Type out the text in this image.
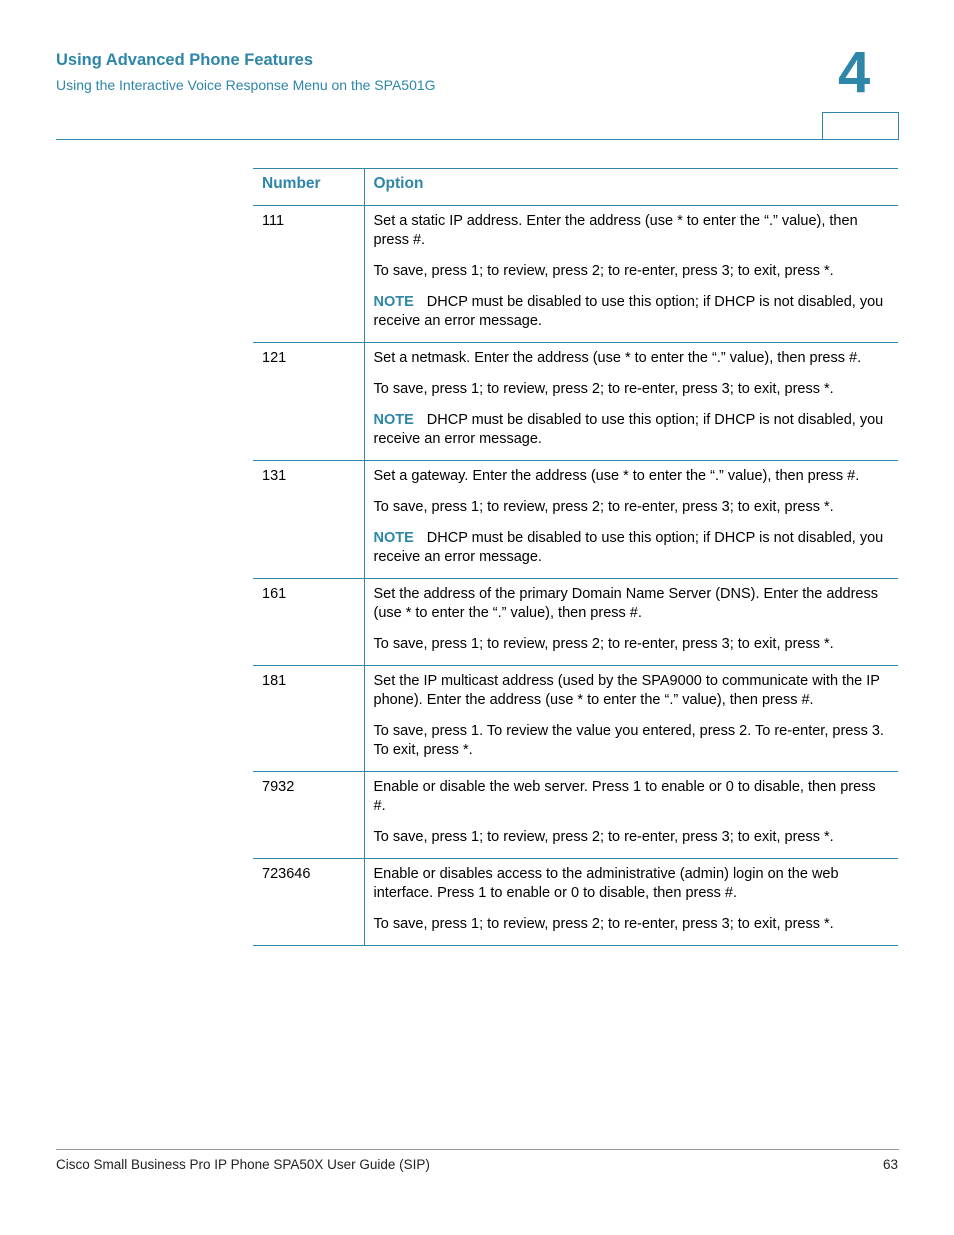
Using Advanced Phone Features
Using the Interactive Voice Response Menu on the SPA501G	4
Number	Option
111	Set a static IP address. Enter the address (use * to enter the “.” value), then press #.

To save, press 1; to review, press 2; to re-enter, press 3; to exit, press *.

NOTE DHCP must be disabled to use this option; if DHCP is not disabled, you receive an error message.

121	Set a netmask. Enter the address (use * to enter the “.” value), then press #.

To save, press 1; to review, press 2; to re-enter, press 3; to exit, press *.

NOTE DHCP must be disabled to use this option; if DHCP is not disabled, you receive an error message.

131	Set a gateway. Enter the address (use * to enter the “.” value), then press #.

To save, press 1; to review, press 2; to re-enter, press 3; to exit, press *.

NOTE DHCP must be disabled to use this option; if DHCP is not disabled, you receive an error message.

161	Set the address of the primary Domain Name Server (DNS). Enter the address (use * to enter the “.” value), then press #.

To save, press 1; to review, press 2; to re-enter, press 3; to exit, press *.

181	Set the IP multicast address (used by the SPA9000 to communicate with the IP phone). Enter the address (use * to enter the “.” value), then press #.

To save, press 1. To review the value you entered, press 2. To re-enter, press 3. To exit, press *.

7932	Enable or disable the web server. Press 1 to enable or 0 to disable, then press #.

To save, press 1; to review, press 2; to re-enter, press 3; to exit, press *.

723646	Enable or disables access to the administrative (admin) login on the web interface. Press 1 to enable or 0 to disable, then press #.

To save, press 1; to review, press 2; to re-enter, press 3; to exit, press *.

Cisco Small Business Pro IP Phone SPA50X User Guide (SIP)	63
